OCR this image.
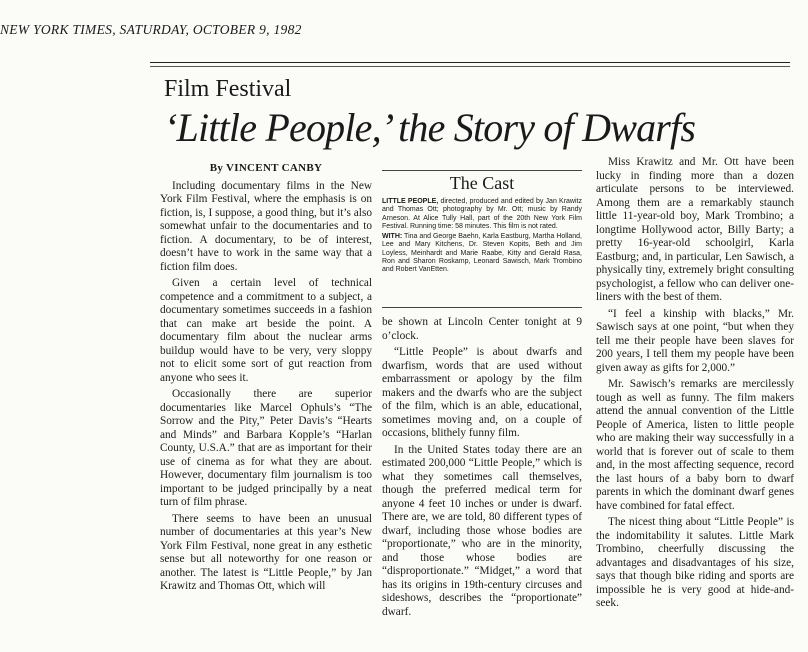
NEW YORK TIMES, SATURDAY, OCTOBER 9, 1982
Film Festival
‘Little People,’ the Story of Dwarfs
By VINCENT CANBY

Including documentary films in the New York Film Festival, where the emphasis is on fiction, is, I suppose, a good thing, but it’s also somewhat unfair to the documentaries and to fiction. A documentary, to be of interest, doesn’t have to work in the same way that a fiction film does.

Given a certain level of technical competence and a commitment to a subject, a documentary sometimes succeeds in a fashion that can make art beside the point. A documentary film about the nuclear arms buildup would have to be very, very sloppy not to elicit some sort of gut reaction from anyone who sees it.

Occasionally there are superior documentaries like Marcel Ophuls’s “The Sorrow and the Pity,” Peter Davis’s “Hearts and Minds” and Barbara Kopple’s “Harlan County, U.S.A.” that are as important for their use of cinema as for what they are about. However, documentary film journalism is too important to be judged principally by a neat turn of film phrase.

There seems to have been an unusual number of documentaries at this year’s New York Film Festival, none great in any esthetic sense but all noteworthy for one reason or another. The latest is “Little People,” by Jan Krawitz and Thomas Ott, which will

The Cast

LITTLE PEOPLE, directed, produced and edited by Jan Krawitz and Thomas Ott; photography by Mr. Ott; music by Randy Arneson. At Alice Tully Hall, part of the 20th New York Film Festival. Running time: 58 minutes. This film is not rated.

WITH: Tina and George Baehn, Karla Eastburg, Martha Holland, Lee and Mary Kitchens, Dr. Steven Kopits, Beth and Jim Loyless, Meinhardt and Marie Raabe, Kitty and Gerald Rasa, Ron and Sharon Roskamp, Leonard Sawisch, Mark Trombino and Robert VanEtten.

be shown at Lincoln Center tonight at 9 o’clock.

“Little People” is about dwarfs and dwarfism, words that are used without embarrassment or apology by the film makers and the dwarfs who are the subject of the film, which is an able, educational, sometimes moving and, on a couple of occasions, blithely funny film.

In the United States today there are an estimated 200,000 “Little People,” which is what they sometimes call themselves, though the preferred medical term for anyone 4 feet 10 inches or under is dwarf. There are, we are told, 80 different types of dwarf, including those whose bodies are “proportionate,” who are in the minority, and those whose bodies are “disproportionate.” “Midget,” a word that has its origins in 19th-century circuses and sideshows, describes the “proportionate” dwarf.

Miss Krawitz and Mr. Ott have been lucky in finding more than a dozen articulate persons to be interviewed. Among them are a remarkably staunch little 11-year-old boy, Mark Trombino; a longtime Hollywood actor, Billy Barty; a pretty 16-year-old schoolgirl, Karla Eastburg; and, in particular, Len Sawisch, a physically tiny, extremely bright consulting psychologist, a fellow who can deliver one-liners with the best of them.

“I feel a kinship with blacks,” Mr. Sawisch says at one point, “but when they tell me their people have been slaves for 200 years, I tell them my people have been given away as gifts for 2,000.”

Mr. Sawisch’s remarks are mercilessly tough as well as funny. The film makers attend the annual convention of the Little People of America, listen to little people who are making their way successfully in a world that is forever out of scale to them and, in the most affecting sequence, record the last hours of a baby born to dwarf parents in which the dominant dwarf genes have combined for fatal effect.

The nicest thing about “Little People” is the indomitability it salutes. Little Mark Trombino, cheerfully discussing the advantages and disadvantages of his size, says that though bike riding and sports are impossible he is very good at hide-and-seek.
